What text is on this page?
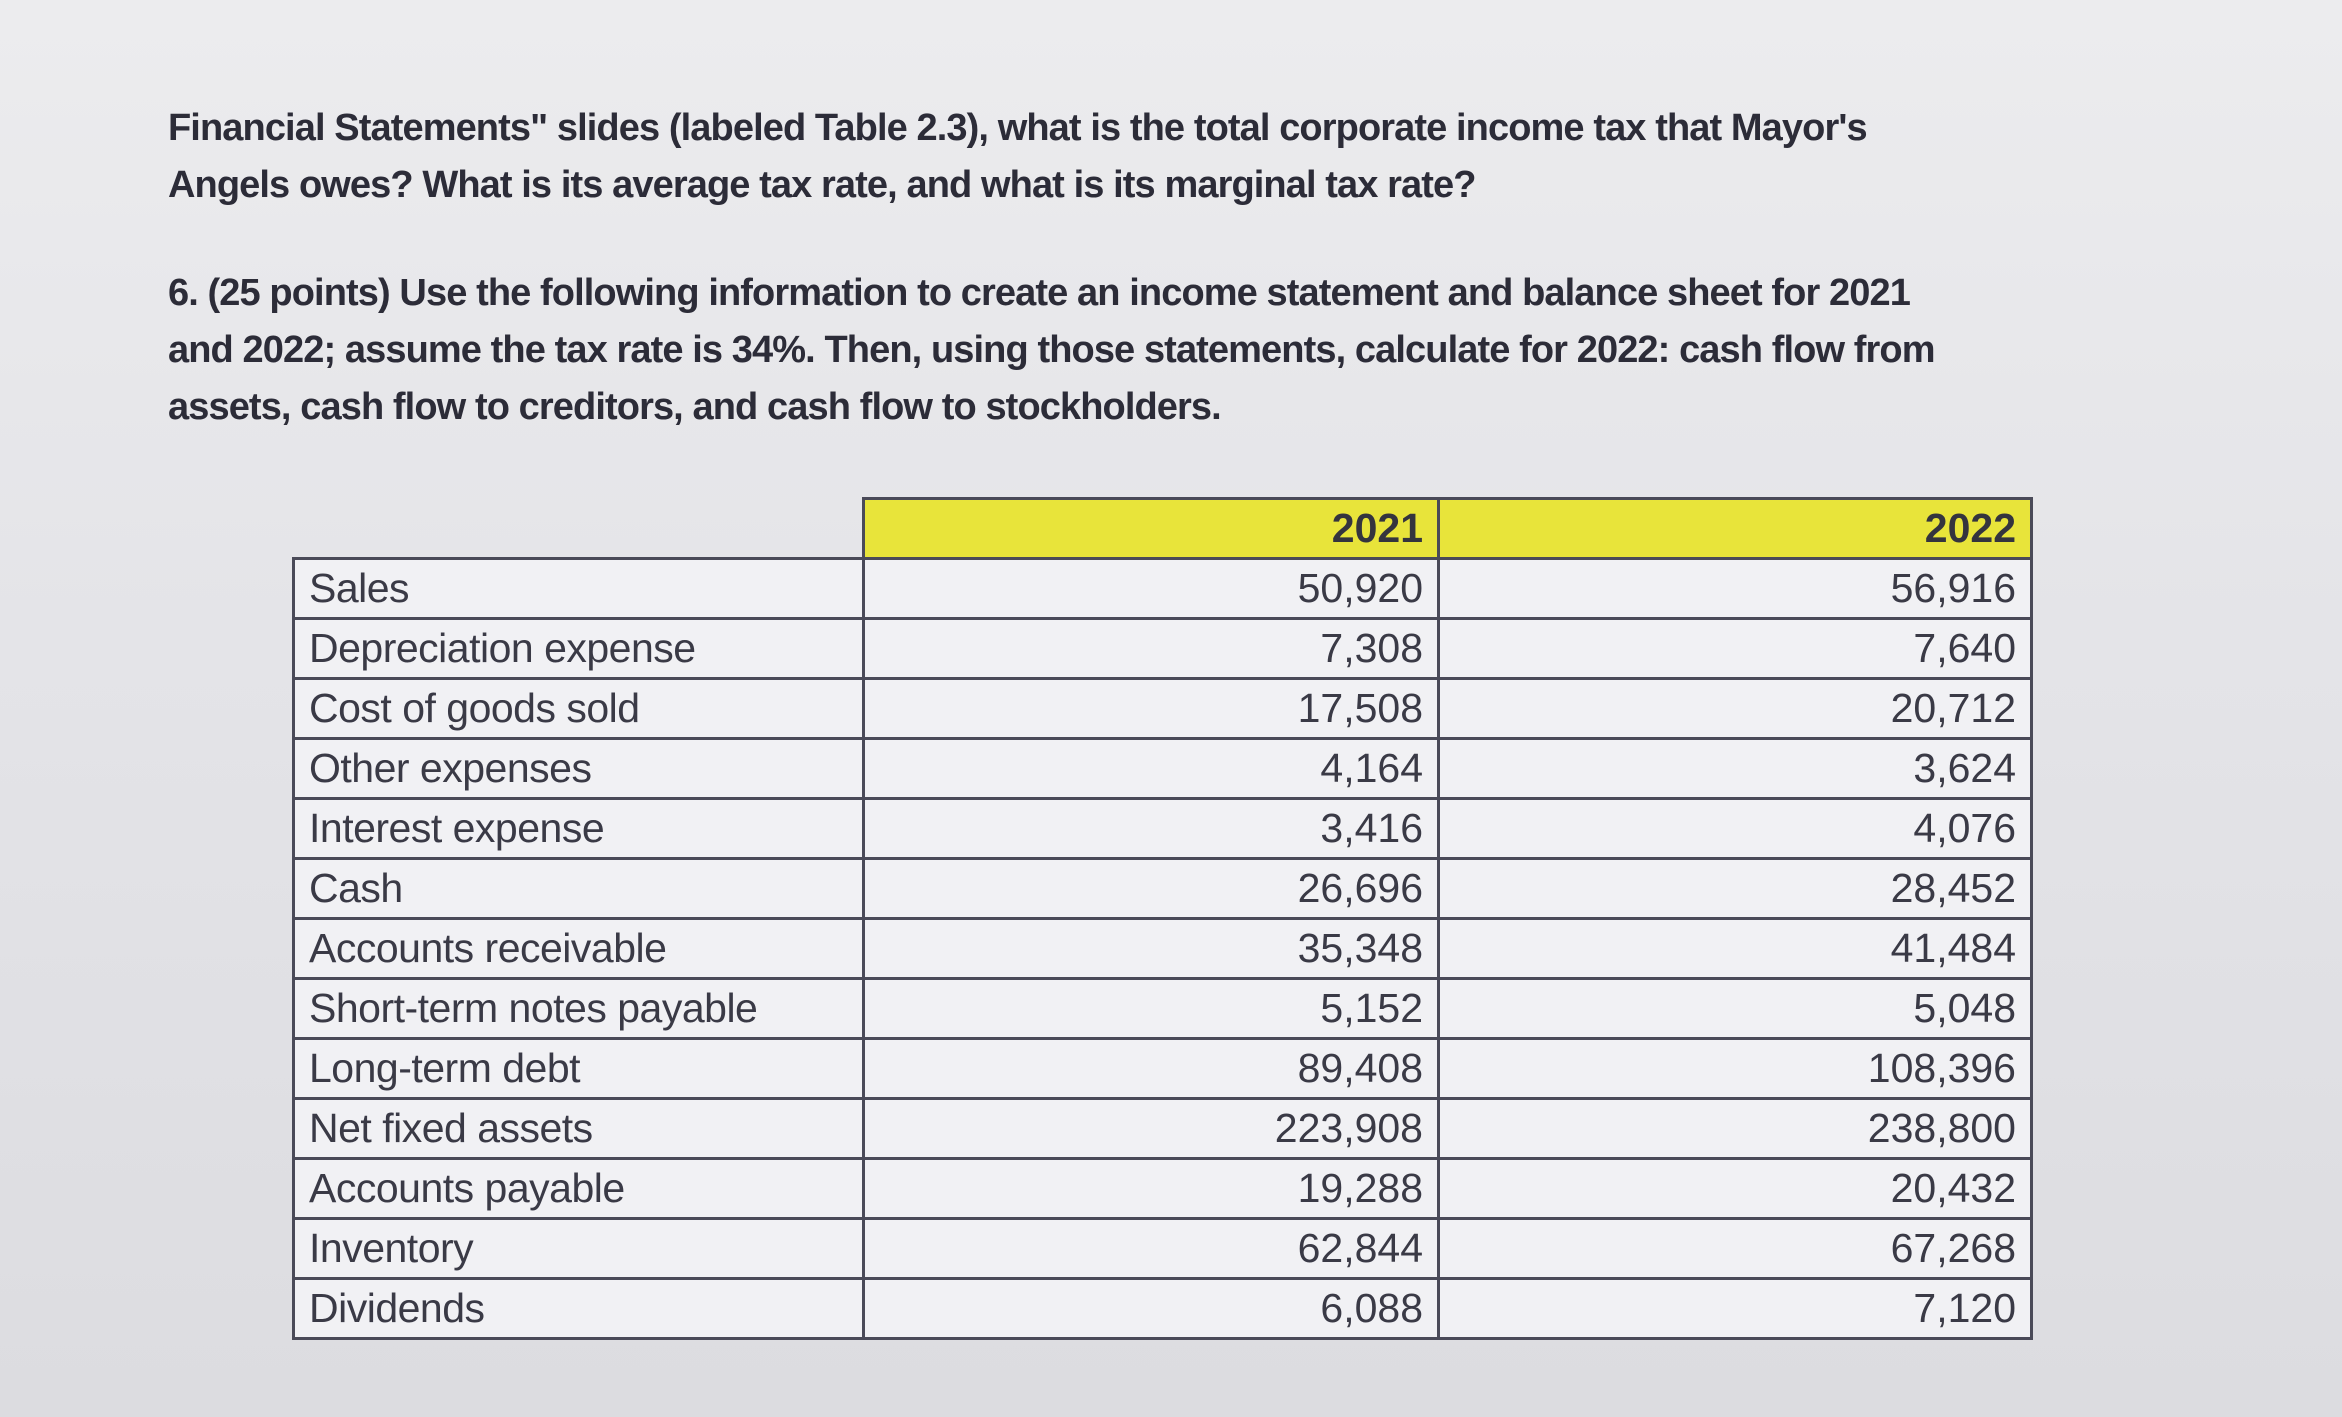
Financial Statements" slides (labeled Table 2.3), what is the total corporate income tax that Mayor's
Angels owes? What is its average tax rate, and what is its marginal tax rate?
6. (25 points) Use the following information to create an income statement and balance sheet for 2021
and 2022; assume the tax rate is 34%. Then, using those statements, calculate for 2022: cash flow from
assets, cash flow to creditors, and cash flow to stockholders.
	2021	2022
Sales	50,920	56,916
Depreciation expense	7,308	7,640
Cost of goods sold	17,508	20,712
Other expenses	4,164	3,624
Interest expense	3,416	4,076
Cash	26,696	28,452
Accounts receivable	35,348	41,484
Short-term notes payable	5,152	5,048
Long-term debt	89,408	108,396
Net fixed assets	223,908	238,800
Accounts payable	19,288	20,432
Inventory	62,844	67,268
Dividends	6,088	7,120
